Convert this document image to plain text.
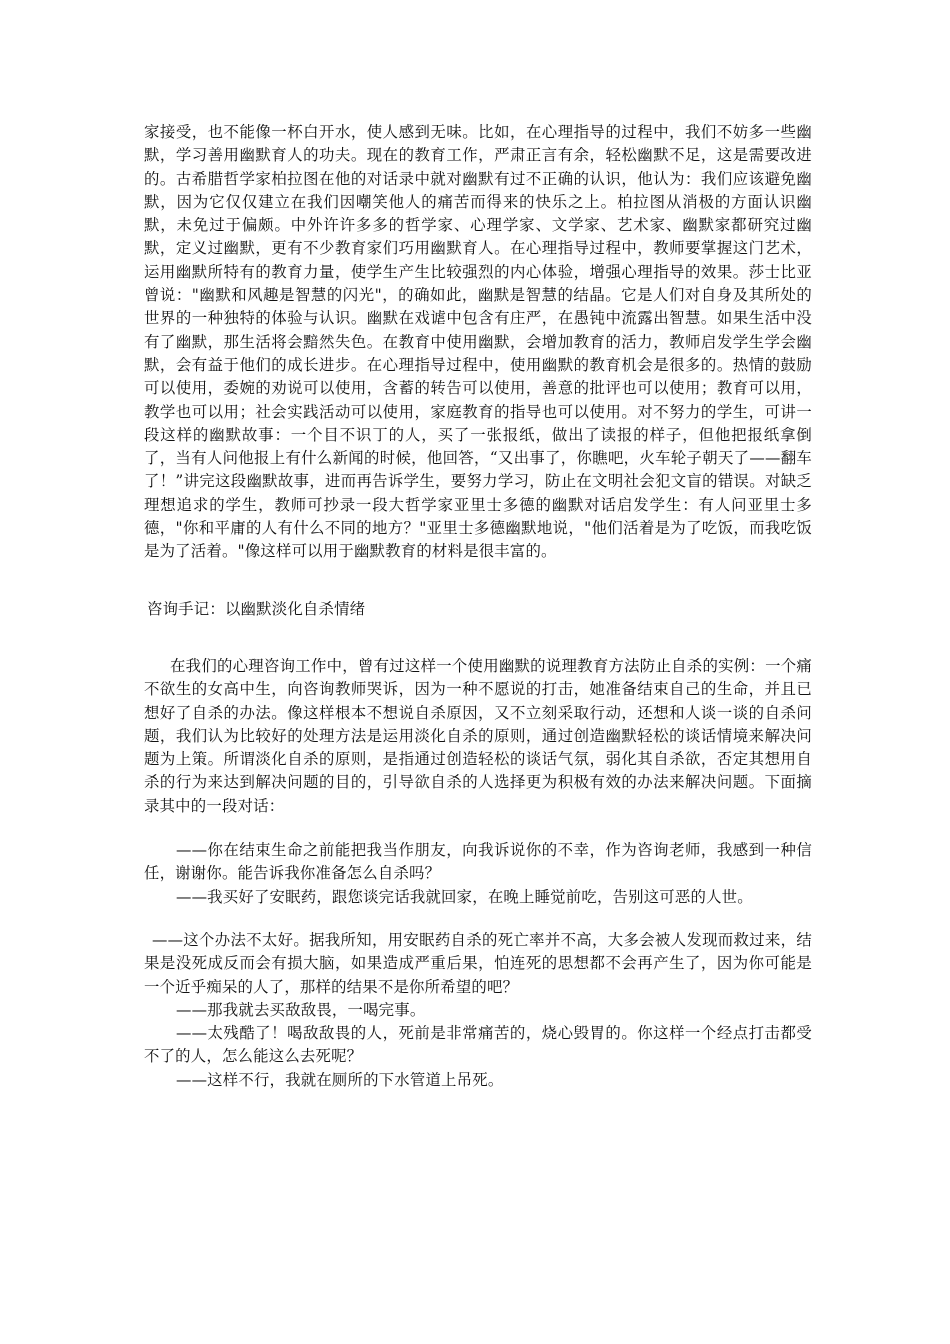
家接受，也不能像一杯白开水，使人感到无味。比如，在心理指导的过程中，我们不妨多一些幽默，学习善用幽默育人的功夫。现在的教育工作，严肃正言有余，轻松幽默不足，这是需要改进的。古希腊哲学家柏拉图在他的对话录中就对幽默有过不正确的认识，他认为：我们应该避免幽默，因为它仅仅建立在我们因嘲笑他人的痛苦而得来的快乐之上。柏拉图从消极的方面认识幽默，未免过于偏颇。中外许许多多的哲学家、心理学家、文学家、艺术家、幽默家都研究过幽默，定义过幽默，更有不少教育家们巧用幽默育人。在心理指导过程中，教师要掌握这门艺术，运用幽默所特有的教育力量，使学生产生比较强烈的内心体验，增强心理指导的效果。莎士比亚曾说："幽默和风趣是智慧的闪光"，的确如此，幽默是智慧的结晶。它是人们对自身及其所处的世界的一种独特的体验与认识。幽默在戏谑中包含有庄严，在愚钝中流露出智慧。如果生活中没有了幽默，那生活将会黯然失色。在教育中使用幽默，会增加教育的活力，教师启发学生学会幽默，会有益于他们的成长进步。在心理指导过程中，使用幽默的教育机会是很多的。热情的鼓励可以使用，委婉的劝说可以使用，含蓄的转告可以使用，善意的批评也可以使用；教育可以用，教学也可以用；社会实践活动可以使用，家庭教育的指导也可以使用。对不努力的学生，可讲一段这样的幽默故事：一个目不识丁的人，买了一张报纸，做出了读报的样子，但他把报纸拿倒了，当有人问他报上有什么新闻的时候，他回答，“又出事了，你瞧吧，火车轮子朝天了——翻车了！”讲完这段幽默故事，进而再告诉学生，要努力学习，防止在文明社会犯文盲的错误。对缺乏理想追求的学生，教师可抄录一段大哲学家亚里士多德的幽默对话启发学生：有人问亚里士多德，"你和平庸的人有什么不同的地方？"亚里士多德幽默地说，"他们活着是为了吃饭，而我吃饭是为了活着。"像这样可以用于幽默教育的材料是很丰富的。

咨询手记：以幽默淡化自杀情绪

在我们的心理咨询工作中，曾有过这样一个使用幽默的说理教育方法防止自杀的实例：一个痛不欲生的女高中生，向咨询教师哭诉，因为一种不愿说的打击，她准备结束自己的生命，并且已想好了自杀的办法。像这样根本不想说自杀原因，又不立刻采取行动，还想和人谈一谈的自杀问题，我们认为比较好的处理方法是运用淡化自杀的原则，通过创造幽默轻松的谈话情境来解决问题为上策。所谓淡化自杀的原则，是指通过创造轻松的谈话气氛，弱化其自杀欲，否定其想用自杀的行为来达到解决问题的目的，引导欲自杀的人选择更为积极有效的办法来解决问题。下面摘录其中的一段对话：

——你在结束生命之前能把我当作朋友，向我诉说你的不幸，作为咨询老师，我感到一种信任，谢谢你。能告诉我你准备怎么自杀吗？

——我买好了安眠药，跟您谈完话我就回家，在晚上睡觉前吃，告别这可恶的人世。

——这个办法不太好。据我所知，用安眠药自杀的死亡率并不高，大多会被人发现而救过来，结果是没死成反而会有损大脑，如果造成严重后果，怕连死的思想都不会再产生了，因为你可能是一个近乎痴呆的人了，那样的结果不是你所希望的吧？

——那我就去买敌敌畏，一喝完事。

——太残酷了！喝敌敌畏的人，死前是非常痛苦的，烧心毁胃的。你这样一个经点打击都受不了的人，怎么能这么去死呢？

——这样不行，我就在厕所的下水管道上吊死。
